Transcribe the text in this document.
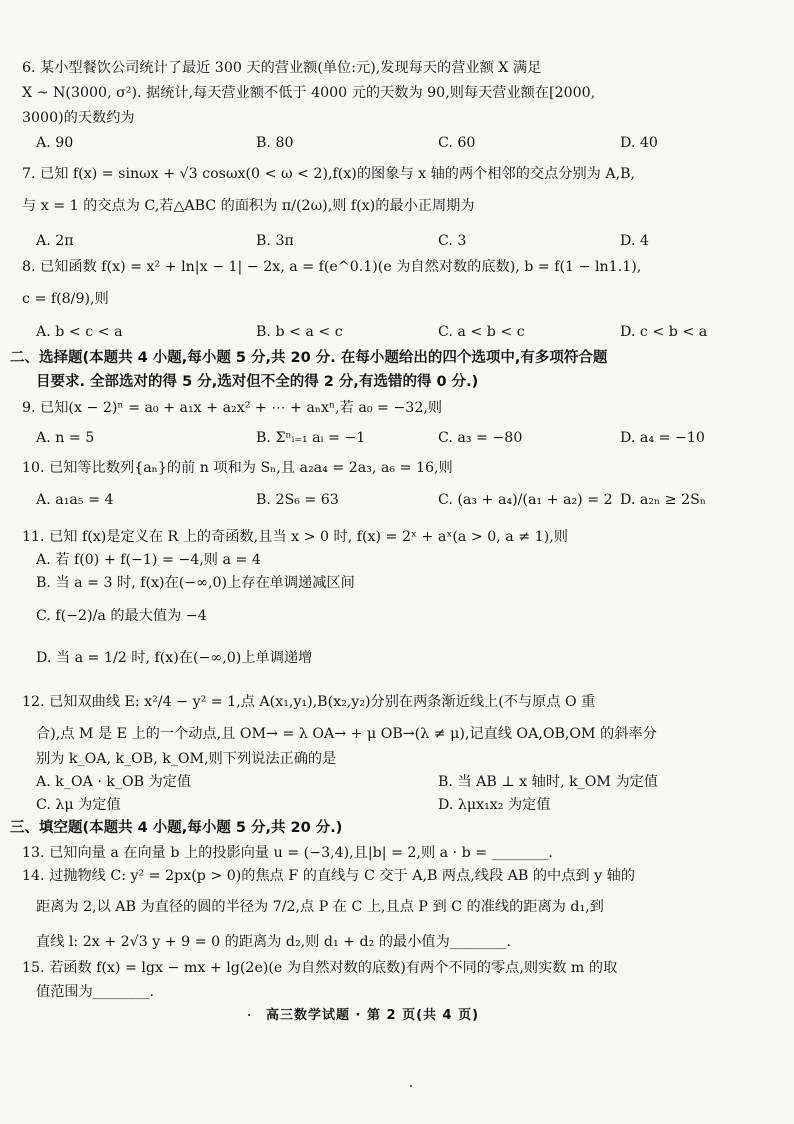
6. 某小型餐饮公司统计了最近 300 天的营业额(单位:元),发现每天的营业额 X 满足
X ~ N(3000, σ²). 据统计,每天营业额不低于 4000 元的天数为 90,则每天营业额在[2000,
3000)的天数约为
A. 90	B. 80	C. 60	D. 40
7. 已知 f(x) = sinωx + √3 cosωx(0 < ω < 2),f(x)的图象与 x 轴的两个相邻的交点分别为 A,B,
与 x = 1 的交点为 C,若△ABC 的面积为 π/(2ω),则 f(x)的最小正周期为
A. 2π	B. 3π	C. 3	D. 4
8. 已知函数 f(x) = x² + ln|x − 1| − 2x, a = f(e^0.1)(e 为自然对数的底数), b = f(1 − ln1.1),
c = f(8/9),则
A. b < c < a	B. b < a < c	C. a < b < c	D. c < b < a
二、选择题(本题共 4 小题,每小题 5 分,共 20 分. 在每小题给出的四个选项中,有多项符合题
目要求. 全部选对的得 5 分,选对但不全的得 2 分,有选错的得 0 分.)
9. 已知(x − 2)ⁿ = a₀ + a₁x + a₂x² + ⋯ + aₙxⁿ,若 a₀ = −32,则
A. n = 5	B. Σⁿᵢ₌₁ aᵢ = −1	C. a₃ = −80	D. a₄ = −10
10. 已知等比数列{aₙ}的前 n 项和为 Sₙ,且 a₂a₄ = 2a₃, a₆ = 16,则
A. a₁a₅ = 4	B. 2S₆ = 63	C. (a₃ + a₄)/(a₁ + a₂) = 2 D. a₂ₙ ≥ 2Sₙ
11. 已知 f(x)是定义在 R 上的奇函数,且当 x > 0 时, f(x) = 2ˣ + aˣ(a > 0, a ≠ 1),则
A. 若 f(0) + f(−1) = −4,则 a = 4
B. 当 a = 3 时, f(x)在(−∞,0)上存在单调递减区间
C. f(−2)/a 的最大值为 −4
D. 当 a = 1/2 时, f(x)在(−∞,0)上单调递增
12. 已知双曲线 E: x²/4 − y² = 1,点 A(x₁,y₁),B(x₂,y₂)分别在两条渐近线上(不与原点 O 重
合),点 M 是 E 上的一个动点,且 OM→ = λ OA→ + μ OB→(λ ≠ μ),记直线 OA,OB,OM 的斜率分
别为 k_OA, k_OB, k_OM,则下列说法正确的是
A. k_OA · k_OB 为定值	B. 当 AB ⊥ x 轴时, k_OM 为定值
C. λμ 为定值	D. λμx₁x₂ 为定值
三、填空题(本题共 4 小题,每小题 5 分,共 20 分.)
13. 已知向量 a 在向量 b 上的投影向量 u = (−3,4),且|b| = 2,则 a · b = ________.
14. 过抛物线 C: y² = 2px(p > 0)的焦点 F 的直线与 C 交于 A,B 两点,线段 AB 的中点到 y 轴的
距离为 2,以 AB 为直径的圆的半径为 7/2,点 P 在 C 上,且点 P 到 C 的准线的距离为 d₁,到
直线 l: 2x + 2√3 y + 9 = 0 的距离为 d₂,则 d₁ + d₂ 的最小值为________.
15. 若函数 f(x) = lgx − mx + lg(2e)(e 为自然对数的底数)有两个不同的零点,则实数 m 的取
值范围为________.
高三数学试题 · 第 2 页(共 4 页)
